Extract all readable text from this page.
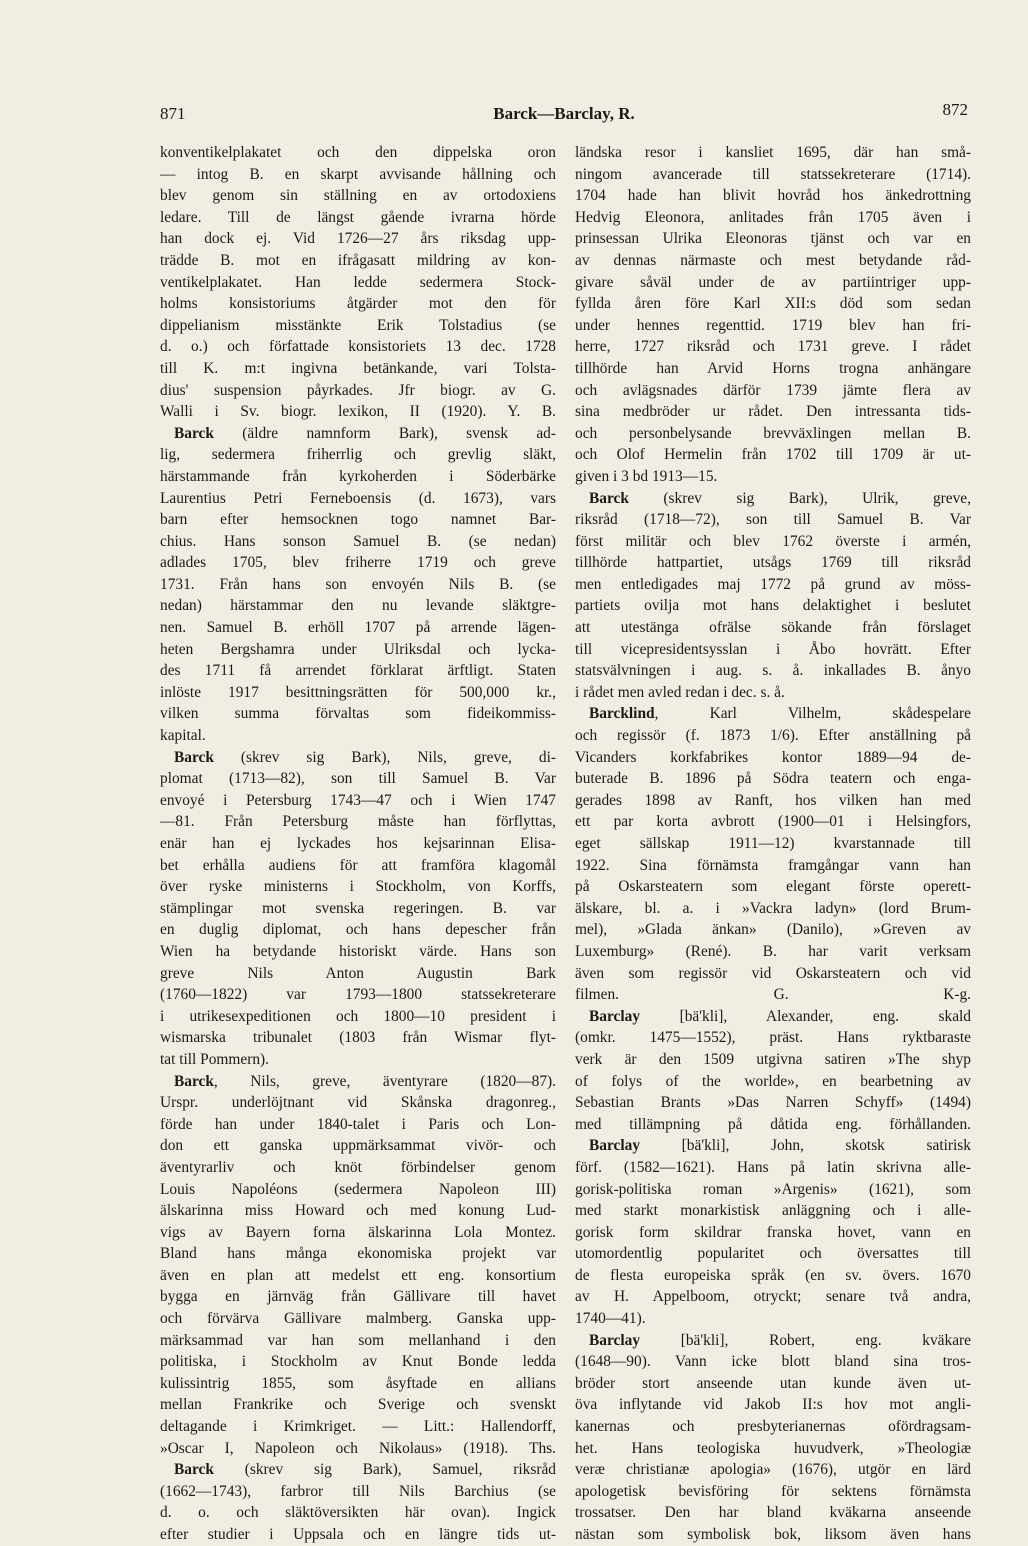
871	Barck—Barclay, R.	872
konventikelplakatet och den dippelska oron
— intog B. en skarpt avvisande hållning och
blev genom sin ställning en av ortodoxiens
ledare. Till de längst gående ivrarna hörde
han dock ej. Vid 1726—27 års riksdag upp-
trädde B. mot en ifrågasatt mildring av kon-
ventikelplakatet. Han ledde sedermera Stock-
holms konsistoriums åtgärder mot den för
dippelianism misstänkte Erik Tolstadius (se
d. o.) och författade konsistoriets 13 dec. 1728
till K. m:t ingivna betänkande, vari Tolsta-
dius' suspension påyrkades. Jfr biogr. av G.
Walli i Sv. biogr. lexikon, II (1920). Y. B.
Barck (äldre namnform Bark), svensk ad-
lig, sedermera friherrlig och grevlig släkt,
härstammande från kyrkoherden i Söderbärke
Laurentius Petri Ferneboensis (d. 1673), vars
barn efter hemsocknen togo namnet Bar-
chius. Hans sonson Samuel B. (se nedan)
adlades 1705, blev friherre 1719 och greve
1731. Från hans son envoyén Nils B. (se
nedan) härstammar den nu levande släktgre-
nen. Samuel B. erhöll 1707 på arrende lägen-
heten Bergshamra under Ulriksdal och lycka-
des 1711 få arrendet förklarat ärftligt. Staten
inlöste 1917 besittningsrätten för 500,000 kr.,
vilken summa förvaltas som fideikommiss-
kapital.
Barck (skrev sig Bark), Nils, greve, di-
plomat (1713—82), son till Samuel B. Var
envoyé i Petersburg 1743—47 och i Wien 1747
—81. Från Petersburg måste han förflyttas,
enär han ej lyckades hos kejsarinnan Elisa-
bet erhålla audiens för att framföra klagomål
över ryske ministerns i Stockholm, von Korffs,
stämplingar mot svenska regeringen. B. var
en duglig diplomat, och hans depescher från
Wien ha betydande historiskt värde. Hans son
greve Nils Anton Augustin Bark
(1760—1822) var 1793—1800 statssekreterare
i utrikesexpeditionen och 1800—10 president i
wismarska tribunalet (1803 från Wismar flyt-
tat till Pommern).
Barck, Nils, greve, äventyrare (1820—87).
Urspr. underlöjtnant vid Skånska dragonreg.,
förde han under 1840-talet i Paris och Lon-
don ett ganska uppmärksammat vivör- och
äventyrarliv och knöt förbindelser genom
Louis Napoléons (sedermera Napoleon III)
älskarinna miss Howard och med konung Lud-
vigs av Bayern forna älskarinna Lola Montez.
Bland hans många ekonomiska projekt var
även en plan att medelst ett eng. konsortium
bygga en järnväg från Gällivare till havet
och förvärva Gällivare malmberg. Ganska upp-
märksammad var han som mellanhand i den
politiska, i Stockholm av Knut Bonde ledda
kulissintrig 1855, som åsyftade en allians
mellan Frankrike och Sverige och svenskt
deltagande i Krimkriget. — Litt.: Hallendorff,
»Oscar I, Napoleon och Nikolaus» (1918). Ths.
Barck (skrev sig Bark), Samuel, riksråd
(1662—1743), farbror till Nils Barchius (se
d. o. och släktöversikten här ovan). Ingick
efter studier i Uppsala och en längre tids ut-
ländska resor i kansliet 1695, där han små-
ningom avancerade till statssekreterare (1714).
1704 hade han blivit hovråd hos änkedrottning
Hedvig Eleonora, anlitades från 1705 även i
prinsessan Ulrika Eleonoras tjänst och var en
av dennas närmaste och mest betydande råd-
givare såväl under de av partiintriger upp-
fyllda åren före Karl XII:s död som sedan
under hennes regenttid. 1719 blev han fri-
herre, 1727 riksråd och 1731 greve. I rådet
tillhörde han Arvid Horns trogna anhängare
och avlägsnades därför 1739 jämte flera av
sina medbröder ur rådet. Den intressanta tids-
och personbelysande brevväxlingen mellan B.
och Olof Hermelin från 1702 till 1709 är ut-
given i 3 bd 1913—15.
Barck (skrev sig Bark), Ulrik, greve,
riksråd (1718—72), son till Samuel B. Var
först militär och blev 1762 överste i armén,
tillhörde hattpartiet, utsågs 1769 till riksråd
men entledigades maj 1772 på grund av möss-
partiets ovilja mot hans delaktighet i beslutet
att utestänga ofrälse sökande från förslaget
till vicepresidentsysslan i Åbo hovrätt. Efter
statsvälvningen i aug. s. å. inkallades B. ånyo
i rådet men avled redan i dec. s. å.
Barcklind, Karl Vilhelm, skådespelare
och regissör (f. 1873 1/6). Efter anställning på
Vicanders korkfabrikes kontor 1889—94 de-
buterade B. 1896 på Södra teatern och enga-
gerades 1898 av Ranft, hos vilken han med
ett par korta avbrott (1900—01 i Helsingfors,
eget sällskap 1911—12) kvarstannade till
1922. Sina förnämsta framgångar vann han
på Oskarsteatern som elegant förste operett-
älskare, bl. a. i »Vackra ladyn» (lord Brum-
mel), »Glada änkan» (Danilo), »Greven av
Luxemburg» (René). B. har varit verksam
även som regissör vid Oskarsteatern och vid
filmen. G. K-g.
Barclay [bä'kli], Alexander, eng. skald
(omkr. 1475—1552), präst. Hans ryktbaraste
verk är den 1509 utgivna satiren »The shyp
of folys of the worlde», en bearbetning av
Sebastian Brants »Das Narren Schyff» (1494)
med tillämpning på dåtida eng. förhållanden.
Barclay [bä'kli], John, skotsk satirisk
förf. (1582—1621). Hans på latin skrivna alle-
gorisk-politiska roman »Argenis» (1621), som
med starkt monarkistisk anläggning och i alle-
gorisk form skildrar franska hovet, vann en
utomordentlig popularitet och översattes till
de flesta europeiska språk (en sv. övers. 1670
av H. Appelboom, otryckt; senare två andra,
1740—41).
Barclay [bä'kli], Robert, eng. kväkare
(1648—90). Vann icke blott bland sina tros-
bröder stort anseende utan kunde även ut-
öva inflytande vid Jakob II:s hov mot angli-
kanernas och presbyterianernas ofördragsam-
het. Hans teologiska huvudverk, »Theologiæ
veræ christianæ apologia» (1676), utgör en lärd
apologetisk bevisföring för sektens förnämsta
trossatser. Den har bland kväkarna anseende
nästan som symbolisk bok, liksom även hans
